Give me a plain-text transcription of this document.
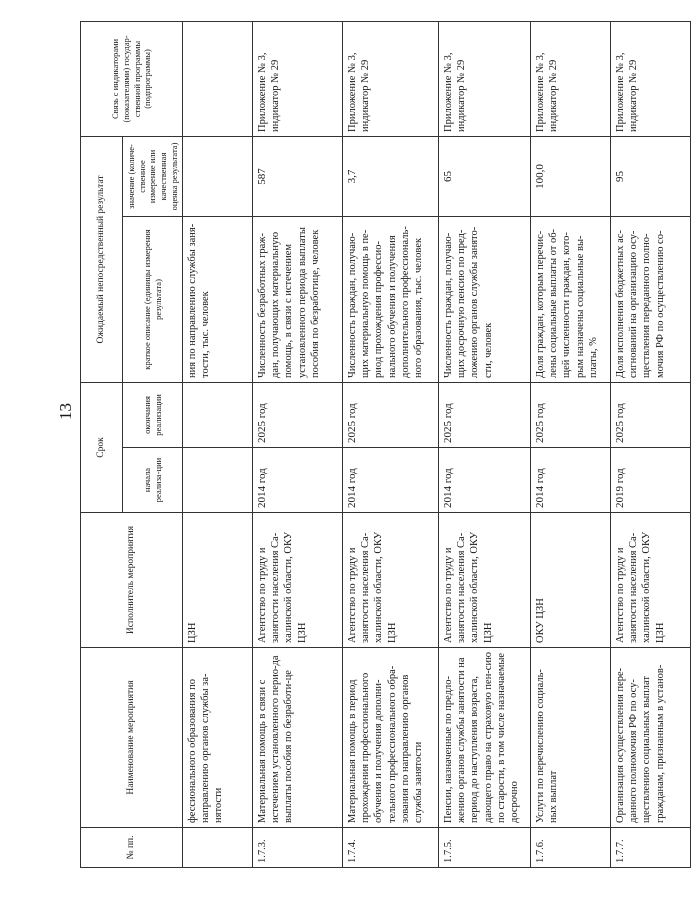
13
№ пп.	Наименование мероприятия	Исполнитель мероприятия	Срок		Ожидаемый непосредственный результат		Связь с индикаторами (показателями) государ-ственной программы (подпрограммы)
			начала реализа-ции	окончания реализации	краткое описание (единицы измерения результата)	значение (количе-ственное измерение или качественная оценка результата)	
	фессионального образования по направлению органов службы за-нятости	ЦЗН			ния по направлению службы заня-тости, тыс. человек		
1.7.3.	Материальная помощь в связи с истечением установленного перио-да выплаты пособия по безработи-це	Агентство по труду и занятости населения Са-халинской области, ОКУ ЦЗН	2014 год	2025 год	Численность безработных граж-дан, получающих материальную помощь, в связи с истечением установленного периода выплаты пособия по безработице, человек	587	Приложение № 3, индикатор № 29
1.7.4.	Материальная помощь в период прохождения профессионального обучения и получения дополни-тельного профессионального обра-зования по направлению органов службы занятости	Агентство по труду и занятости населения Са-халинской области, ОКУ ЦЗН	2014 год	2025 год	Численность граждан, получаю-щих материальную помощь в пе-риод прохождения профессио-нального обучения и получения дополнительного профессиональ-ного образования, тыс. человек	3,7	Приложение № 3, индикатор № 29
1.7.5.	Пенсии, назначенные по предло-жению органов службы занятости на период до наступления возраста, дающего право на страховую пен-сию по старости, в том числе назначаемые досрочно	Агентство по труду и занятости населения Са-халинской области, ОКУ ЦЗН	2014 год	2025 год	Численность граждан, получаю-щих досрочную пенсию по пред-ложению органов службы занято-сти, человек	65	Приложение № 3, индикатор № 29
1.7.6.	Услуги по перечислению социаль-ных выплат	ОКУ ЦЗН	2014 год	2025 год	Доля граждан, которым перечис-лены социальные выплаты от об-щей численности граждан, кото-рым назначены социальные вы-платы, %	100,0	Приложение № 3, индикатор № 29
1.7.7.	Организация осуществления пере-данного полномочия РФ по осу-ществлению социальных выплат гражданам, признанным в установ-	Агентство по труду и занятости населения Са-халинской области, ОКУ ЦЗН	2019 год	2025 год	Доля исполнения бюджетных ас-сигнований на организацию осу-ществления переданного полно-мочия РФ по осуществлению со-	95	Приложение № 3, индикатор № 29
